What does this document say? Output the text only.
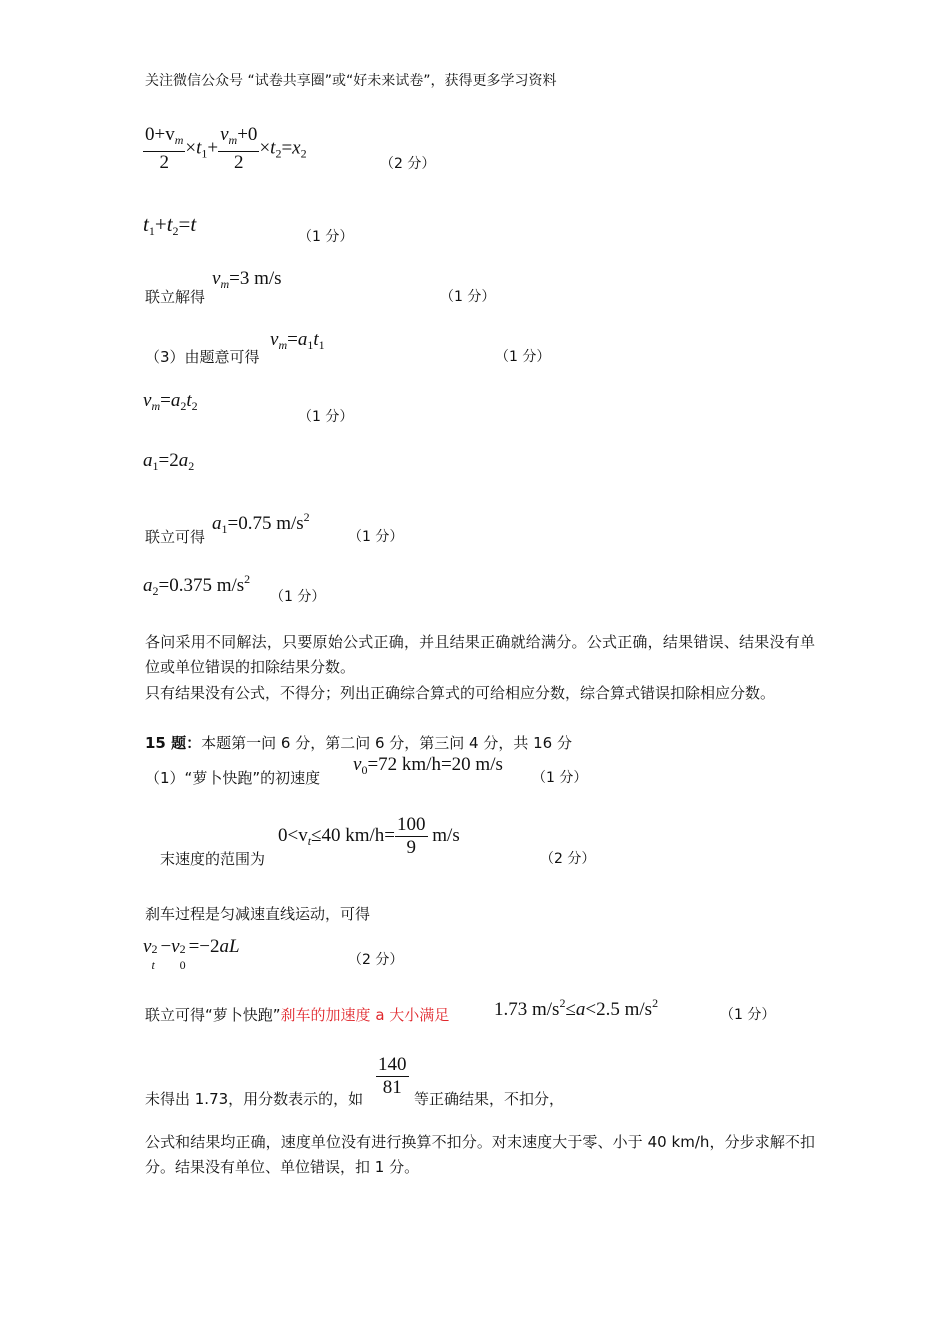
关注微信公众号 “试卷共享圈”或“好未来试卷”，获得更多学习资料
$\frac{0+v_m}{2} \times t_1+ \frac{v_m+0}{2} \times t_2=x_2$
（2 分）
$t_1+t_2=t$
（1 分）
联立解得
$v_m=3$ m/s
（1 分）
（3）由题意可得
$v_m=a_1t_1$
（1 分）
$v_m=a_2t_2$
（1 分）
$a_1=2a_2$
联立可得
$a_1=0.75$ $m/s^2$
（1 分）
$a_2=0.375$ $m/s^2$
（1 分）
各问采用不同解法，只要原始公式正确，并且结果正确就给满分。公式正确，结果错误、结果没有单位或单位错误的扣除结果分数。
只有结果没有公式，不得分；列出正确综合算式的可给相应分数，综合算式错误扣除相应分数。
15 题：本题第一问 6 分，第二问 6 分，第三问 4 分，共 16 分
（1）“萝卜快跑”的初速度
$v_0=72$ km/h=20 m/s
（1 分）
末速度的范围为
$0<v_t\le 40$ $km/h= \frac{100}{9} m/s$
（2 分）
刹车过程是匀减速直线运动，可得
v 2
t
−v 2
0
=−2aL
（2 分）
联立可得“萝卜快跑”刹车的加速度 a 大小满足 1.73 $m/s^2\le a<2.5$ $m/s^2$
（1 分）
未得出 1.73，用分数表示的，如 $\frac{140}{81}$ 等正确结果，不扣分，
公式和结果均正确，速度单位没有进行换算不扣分。对末速度大于零、小于 40 km/h，分步求解不扣分。结果没有单位、单位错误，扣 1 分。
